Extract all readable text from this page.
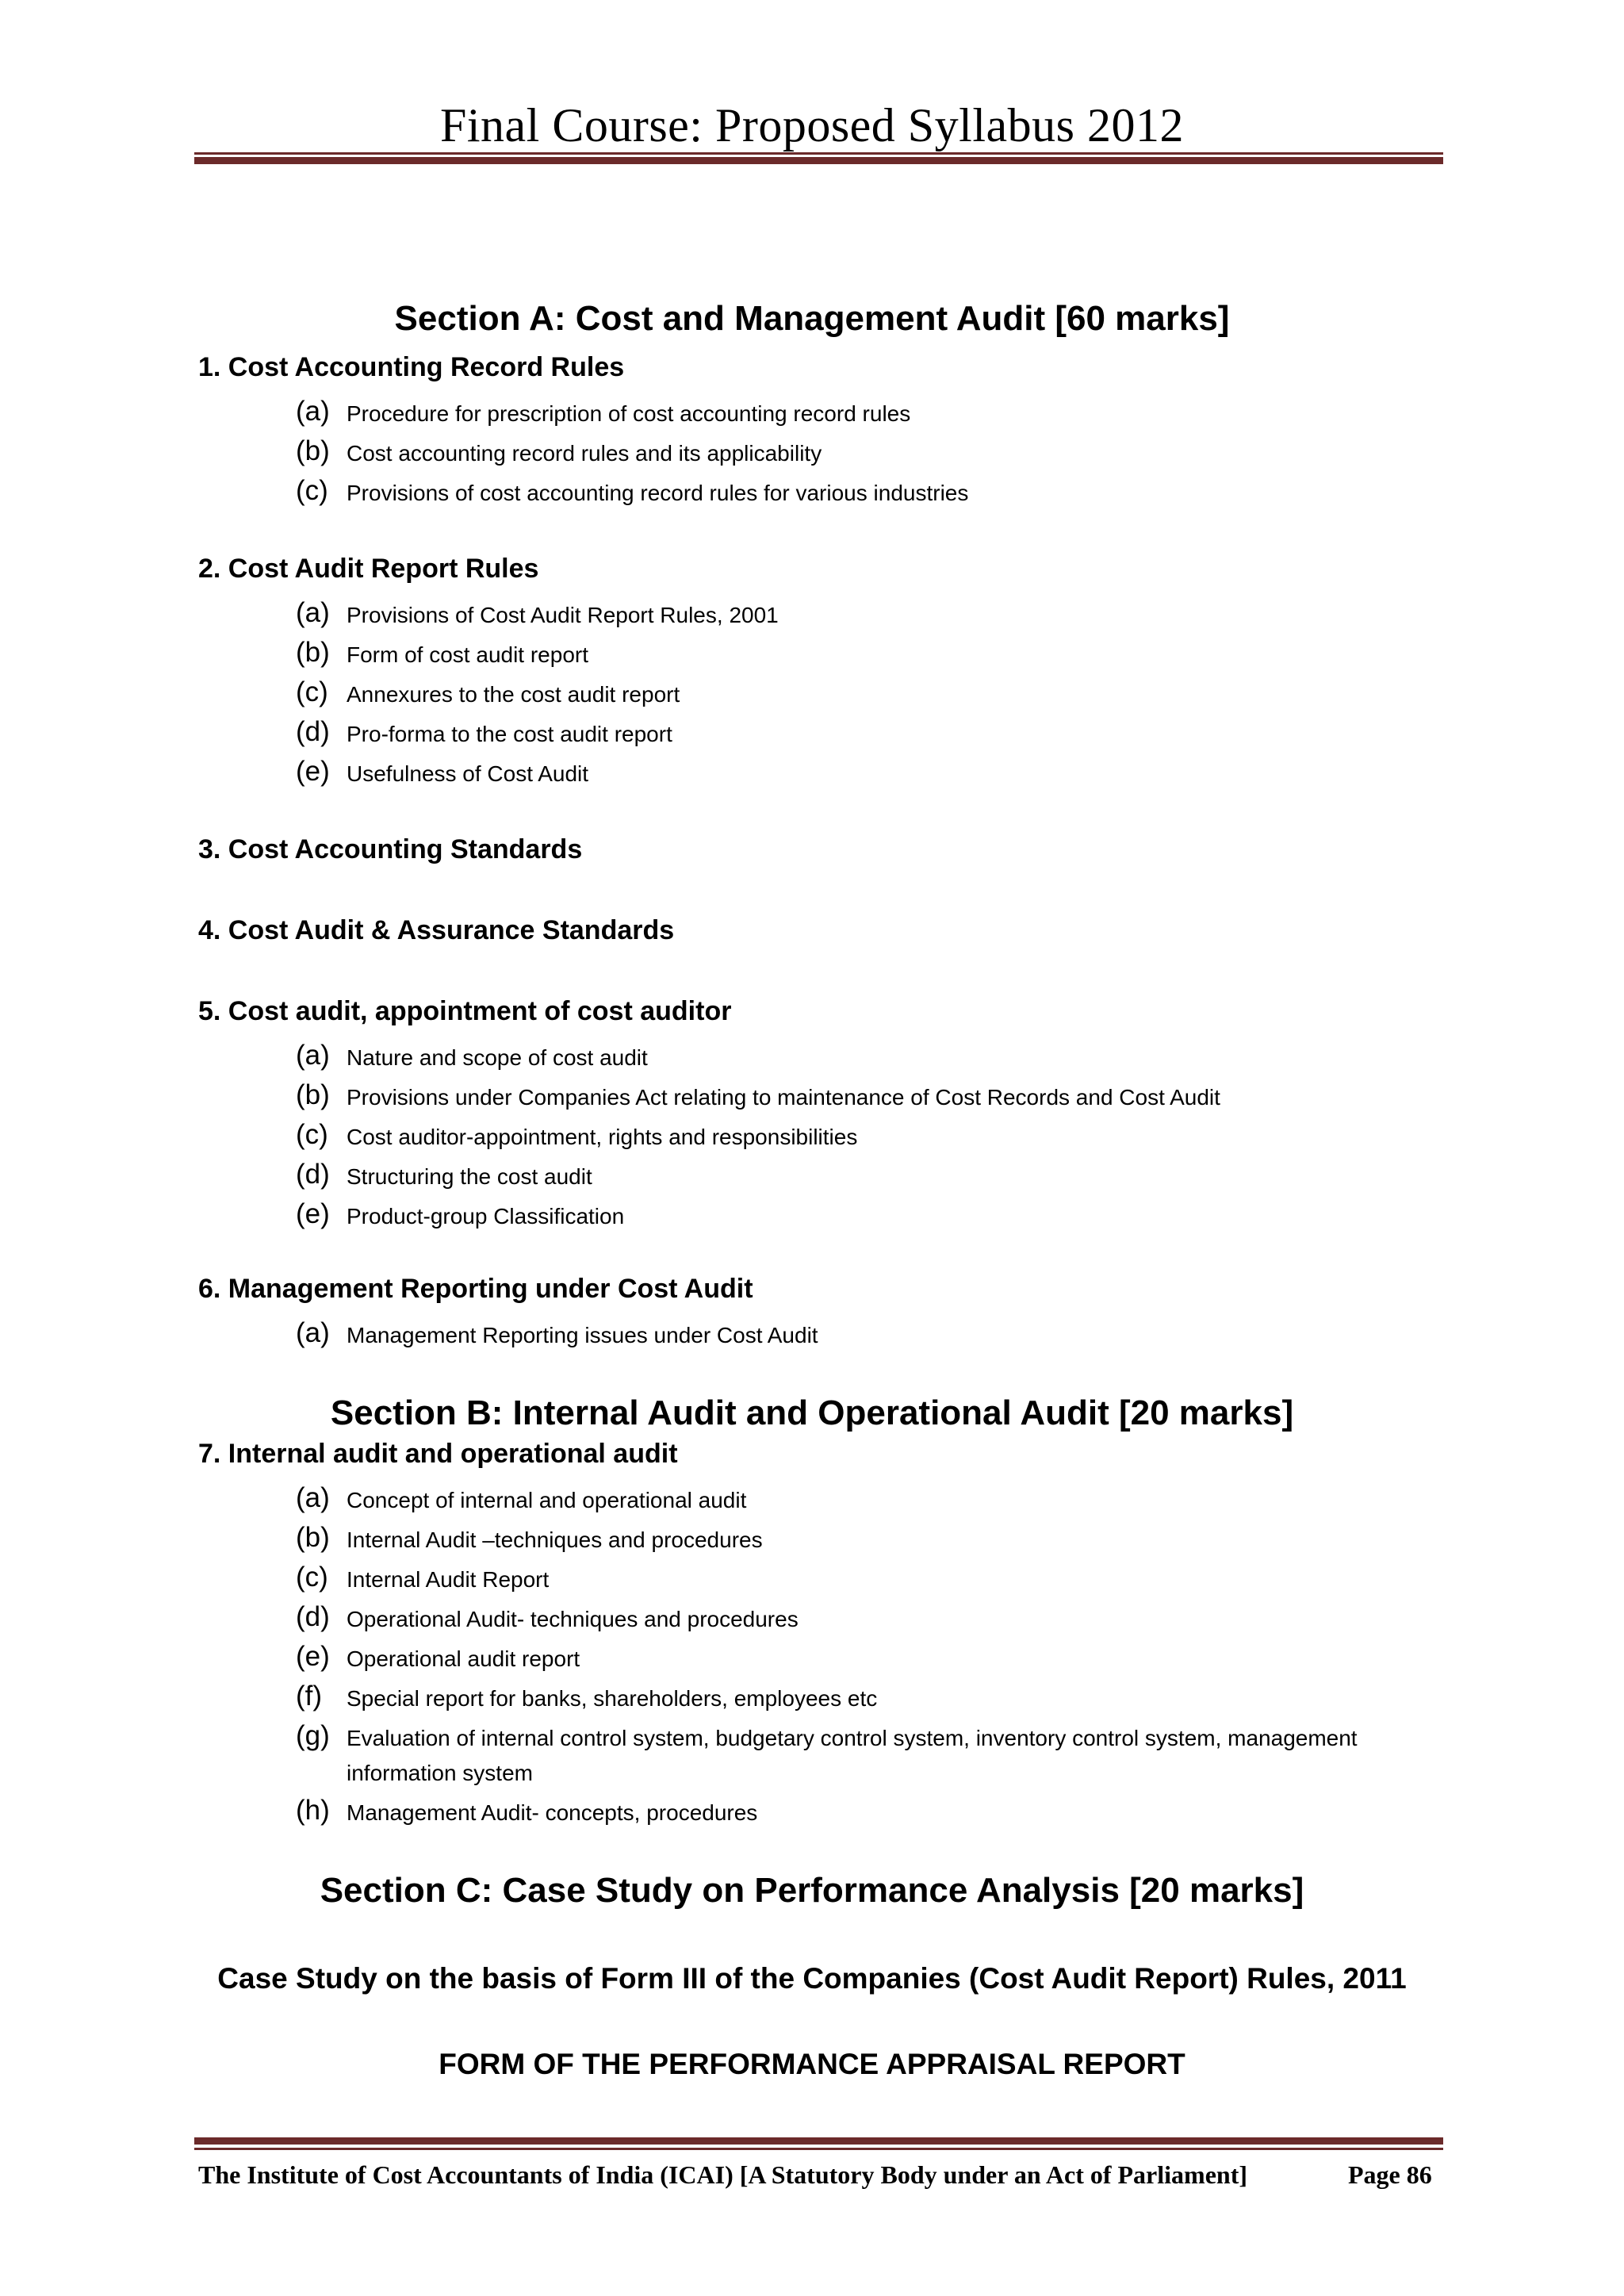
Final Course: Proposed Syllabus 2012
Section A: Cost and Management Audit [60 marks]
1. Cost Accounting Record Rules
(a) Procedure for prescription of cost accounting record rules
(b) Cost accounting record rules and its applicability
(c) Provisions of cost accounting record rules for various industries
2. Cost Audit Report Rules
(a) Provisions of Cost Audit Report Rules, 2001
(b) Form of cost audit report
(c) Annexures to the cost audit report
(d) Pro-forma to the cost audit report
(e) Usefulness of Cost Audit
3. Cost Accounting Standards
4. Cost Audit & Assurance Standards
5. Cost audit, appointment of cost auditor
(a) Nature and scope of cost audit
(b) Provisions under Companies Act relating to maintenance of Cost Records and Cost Audit
(c) Cost auditor-appointment, rights and responsibilities
(d) Structuring the cost audit
(e) Product-group Classification
6. Management Reporting under Cost Audit
(a) Management Reporting issues under Cost Audit
Section B: Internal Audit and Operational Audit [20 marks]
7. Internal audit and operational audit
(a) Concept of internal and operational audit
(b) Internal Audit –techniques and procedures
(c) Internal Audit Report
(d) Operational Audit- techniques and procedures
(e) Operational audit report
(f)	Special report for banks, shareholders, employees etc
(g) Evaluation of internal control system, budgetary control system, inventory control system, management information system
(h) Management Audit- concepts, procedures
Section C: Case Study on Performance Analysis [20 marks]
Case Study on the basis of Form III of the Companies (Cost Audit Report) Rules, 2011
FORM OF THE PERFORMANCE APPRAISAL REPORT
The Institute of Cost Accountants of India (ICAI) [A Statutory Body under an Act of Parliament]	Page 86
